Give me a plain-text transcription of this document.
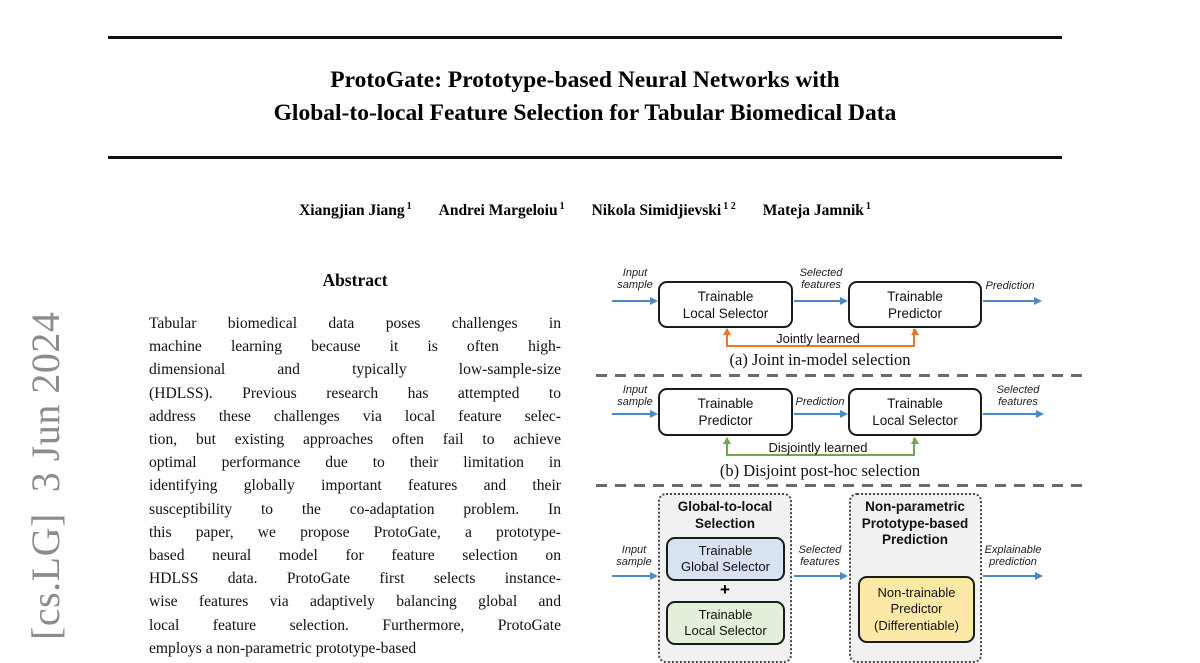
ProtoGate: Prototype-based Neural Networks with
Global-to-local Feature Selection for Tabular Biomedical Data
Xiangjian Jiang $^1$ Andrei Margeloiu $^1$ Nikola Simidjievski $^{1 2}$ Mateja Jamnik $^1$
[cs.LG]  3 Jun 2024
Abstract
Tabular biomedical data poses challenges in
machine learning because it is often high-
dimensional and typically low-sample-size
(HDLSS). Previous research has attempted to
address these challenges via local feature selec-
tion, but existing approaches often fail to achieve
optimal performance due to their limitation in
identifying globally important features and their
susceptibility to the co-adaptation problem. In
this paper, we propose ProtoGate, a prototype-
based neural model for feature selection on
HDLSS data. ProtoGate first selects instance-
wise features via adaptively balancing global and
local feature selection. Furthermore, ProtoGate
employs a non-parametric prototype-based
Input
sample
Trainable
Local Selector
Selected
features
Trainable
Predictor
Prediction
Jointly learned
(a) Joint in-model selection
Input
sample	Trainable
Predictor
Prediction	Trainable
Local Selector
Selected
features
Disjointly learned
(b) Disjoint post-hoc selection
Global-to-local
Selection
Trainable
Global Selector
+
Trainable
Local Selector
Input
sample
Selected
features
Non-parametric
Prototype-based
Prediction
Non-trainable
Predictor
(Differentiable)
Explainable
prediction
